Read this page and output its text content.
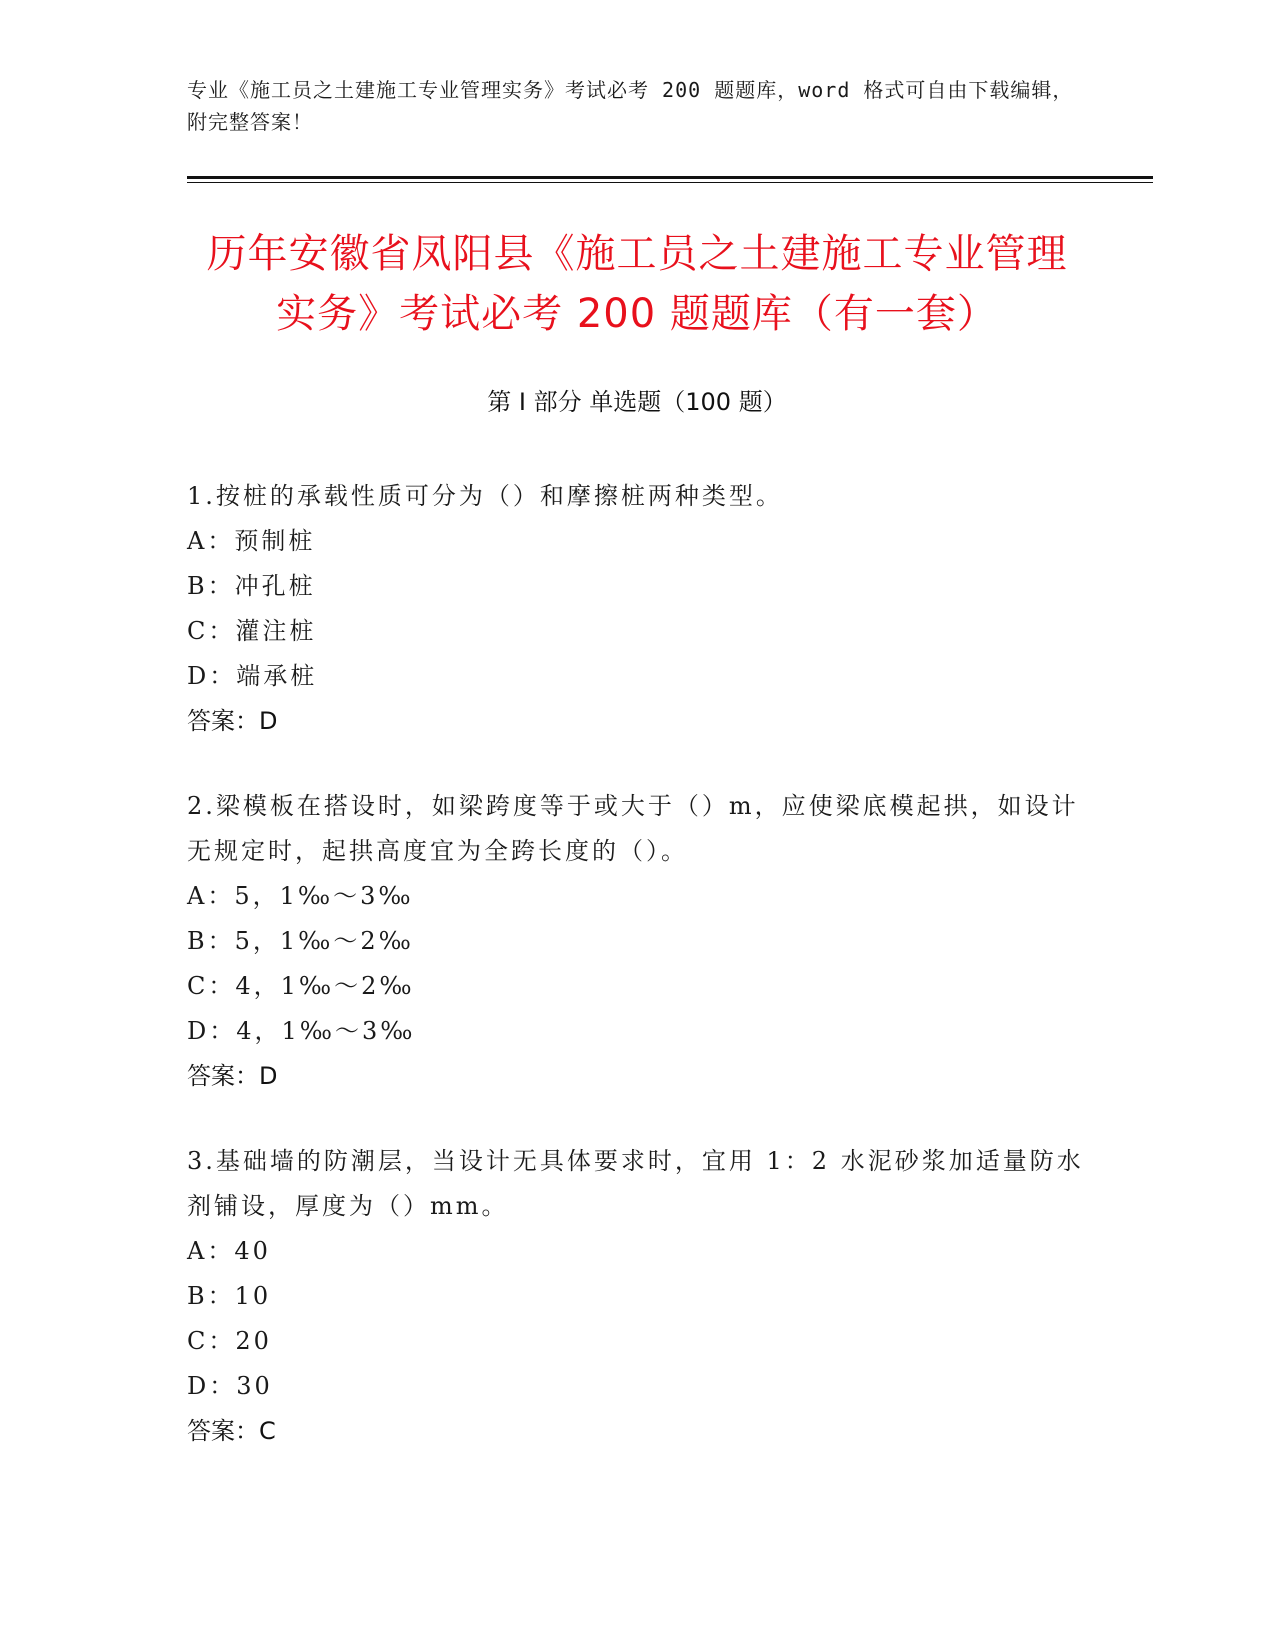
专业《施工员之土建施工专业管理实务》考试必考 200 题题库，word 格式可自由下载编辑，附完整答案！
历年安徽省凤阳县《施工员之土建施工专业管理实务》考试必考 200 题题库（有一套）
第 I 部分 单选题（100 题）
1.按桩的承载性质可分为（）和摩擦桩两种类型。
A：预制桩
B：冲孔桩
C：灌注桩
D：端承桩
答案：D
2.梁模板在搭设时，如梁跨度等于或大于（）m，应使梁底模起拱，如设计无规定时，起拱高度宜为全跨长度的（）。
A：5，1‰～3‰
B：5，1‰～2‰
C：4，1‰～2‰
D：4，1‰～3‰
答案：D
3.基础墙的防潮层，当设计无具体要求时，宜用 1：2 水泥砂浆加适量防水剂铺设，厚度为（）mm。
A：40
B：10
C：20
D：30
答案：C
